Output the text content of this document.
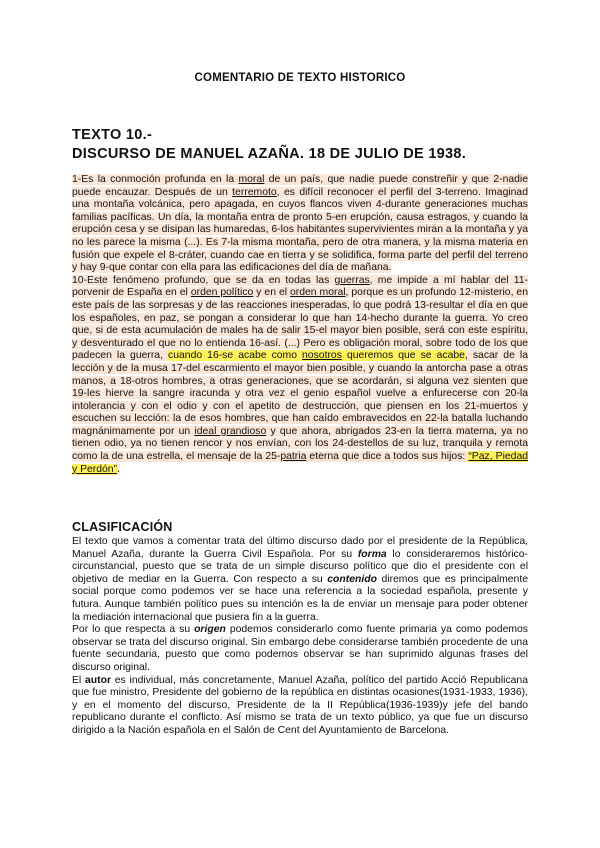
COMENTARIO DE TEXTO HISTORICO
TEXTO 10.-
DISCURSO DE MANUEL AZAÑA. 18 DE JULIO DE 1938.

1-Es la conmoción profunda en la moral de un país, que nadie puede constreñir y que 2-nadie puede encauzar. Después de un terremoto, es difícil reconocer el perfil del 3-terreno. Imaginad una montaña volcánica, pero apagada, en cuyos flancos viven 4-durante generaciones muchas familias pacíficas. Un día, la montaña entra de pronto 5-en erupción, causa estragos, y cuando la erupción cesa y se disipan las humaredas, 6-los habitantes supervivientes miran a la montaña y ya no les parece la misma (...). Es 7-la misma montaña, pero de otra manera, y la misma materia en fusión que expele el 8-cráter, cuando cae en tierra y se solidifica, forma parte del perfil del terreno y hay 9-que contar con ella para las edificaciones del día de mañana.

10-Este fenómeno profundo, que se da en todas las guerras, me impide a mí hablar del 11-porvenir de España en el orden político y en el orden moral, porque es un profundo 12-misterio, en este país de las sorpresas y de las reacciones inesperadas, lo que podrá 13-resultar el día en que los españoles, en paz, se pongan a considerar lo que han 14-hecho durante la guerra. Yo creo que, si de esta acumulación de males ha de salir 15-el mayor bien posible, será con este espíritu, y desventurado el que no lo entienda 16-así. (...) Pero es obligación moral, sobre todo de los que padecen la guerra, cuando 16-se acabe como nosotros queremos que se acabe, sacar de la lección y de la musa 17-del escarmiento el mayor bien posible, y cuando la antorcha pase a otras manos, a 18-otros hombres, a otras generaciones, que se acordarán, si alguna vez sienten que 19-les hierve la sangre iracunda y otra vez el genio español vuelve a enfurecerse con 20-la intolerancia y con el odio y con el apetito de destrucción, que piensen en los 21-muertos y escuchen su lección: la de esos hombres, que han caído embravecidos en 22-la batalla luchando magnánimamente por un ideal grandioso y que ahora, abrigados 23-en la tierra materna, ya no tienen odio, ya no tienen rencor y nos envían, con los 24-destellos de su luz, tranquila y remota como la de una estrella, el mensaje de la 25-patria eterna que dice a todos sus hijos: “Paz, Piedad y Perdón”.

CLASIFICACIÓN

El texto que vamos a comentar trata del último discurso dado por el presidente de la República, Manuel Azaña, durante la Guerra Civil Española. Por su forma lo consideraremos histórico-circunstancial, puesto que se trata de un simple discurso político que dio el presidente con el objetivo de mediar en la Guerra. Con respecto a su contenido diremos que es principalmente social porque como podemos ver se hace una referencia a la sociedad española, presente y futura. Aunque también político pues su intención es la de enviar un mensaje para poder obtener la mediación internacional que pusiera fin a la guerra.

Por lo que respecta a su origen podemos considerarlo como fuente primaria ya como podemos observar se trata del discurso original. Sin embargo debe considerarse también procedente de una fuente secundaria, puesto que como podemos observar se han suprimido algunas frases del discurso original.

El autor es individual, más concretamente, Manuel Azaña, político del partido Acció Republicana que fue ministro, Presidente del gobierno de la república en distintas ocasiones(1931-1933, 1936), y en el momento del discurso, Presidente de la II República(1936-1939)y jefe del bando republicano durante el conflicto. Así mismo se trata de un texto público, ya que fue un discurso dirigido a la Nación española en el Salón de Cent del Ayuntamiento de Barcelona.
